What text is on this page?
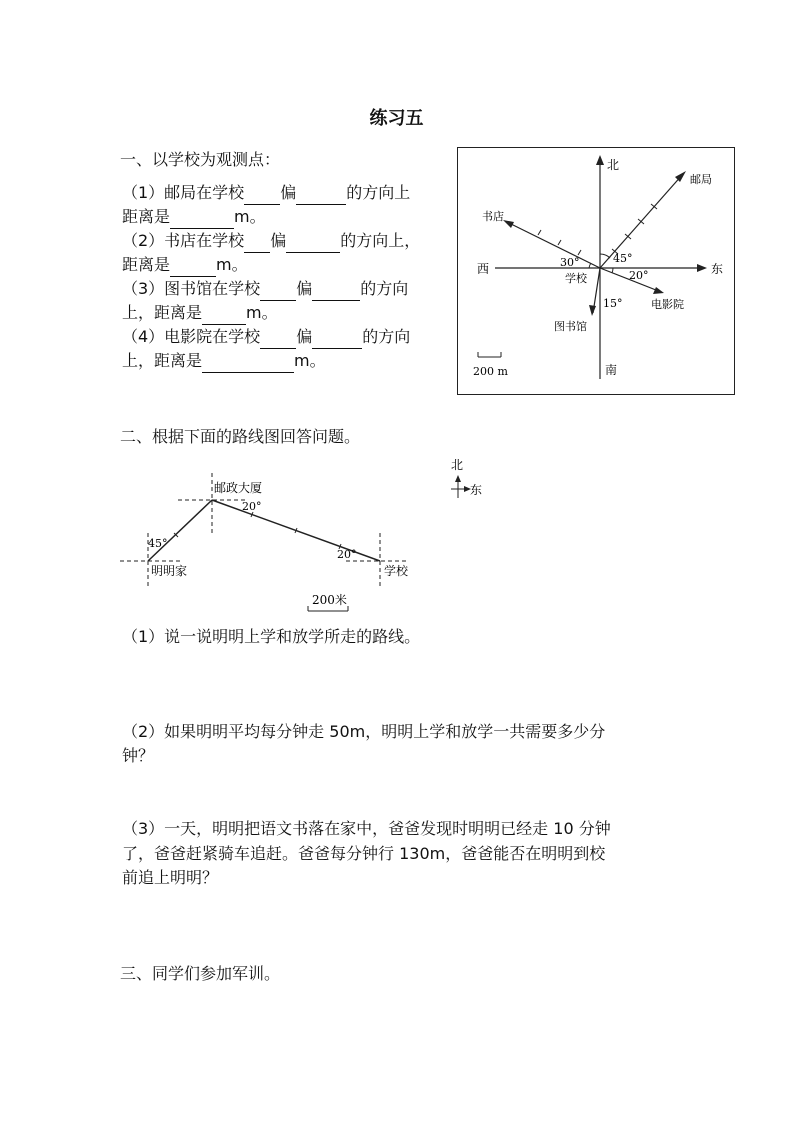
练习五
一、以学校为观测点：
（1）邮局在学校 偏	的方向上
距离是	m。
（2）书店在学校 偏	的方向上，
距离是	m。
（3）图书馆在学校 偏	的方向
上，距离是	m。
（4）电影院在学校 偏	的方向
上，距离是	m。
北
南
东
西
学校
邮局
书店
图书馆
电影院
45°
30°
20°
15°
200 m
二、根据下面的路线图回答问题。
北
东
邮政大厦
明明家	学校
45°
20°
20°
200米
（1）说一说明明上学和放学所走的路线。
（2）如果明明平均每分钟走 50m，明明上学和放学一共需要多少分
钟？
（3）一天，明明把语文书落在家中，爸爸发现时明明已经走 10 分钟
了，爸爸赶紧骑车追赶。爸爸每分钟行 130m，爸爸能否在明明到校
前追上明明？
三、同学们参加军训。
